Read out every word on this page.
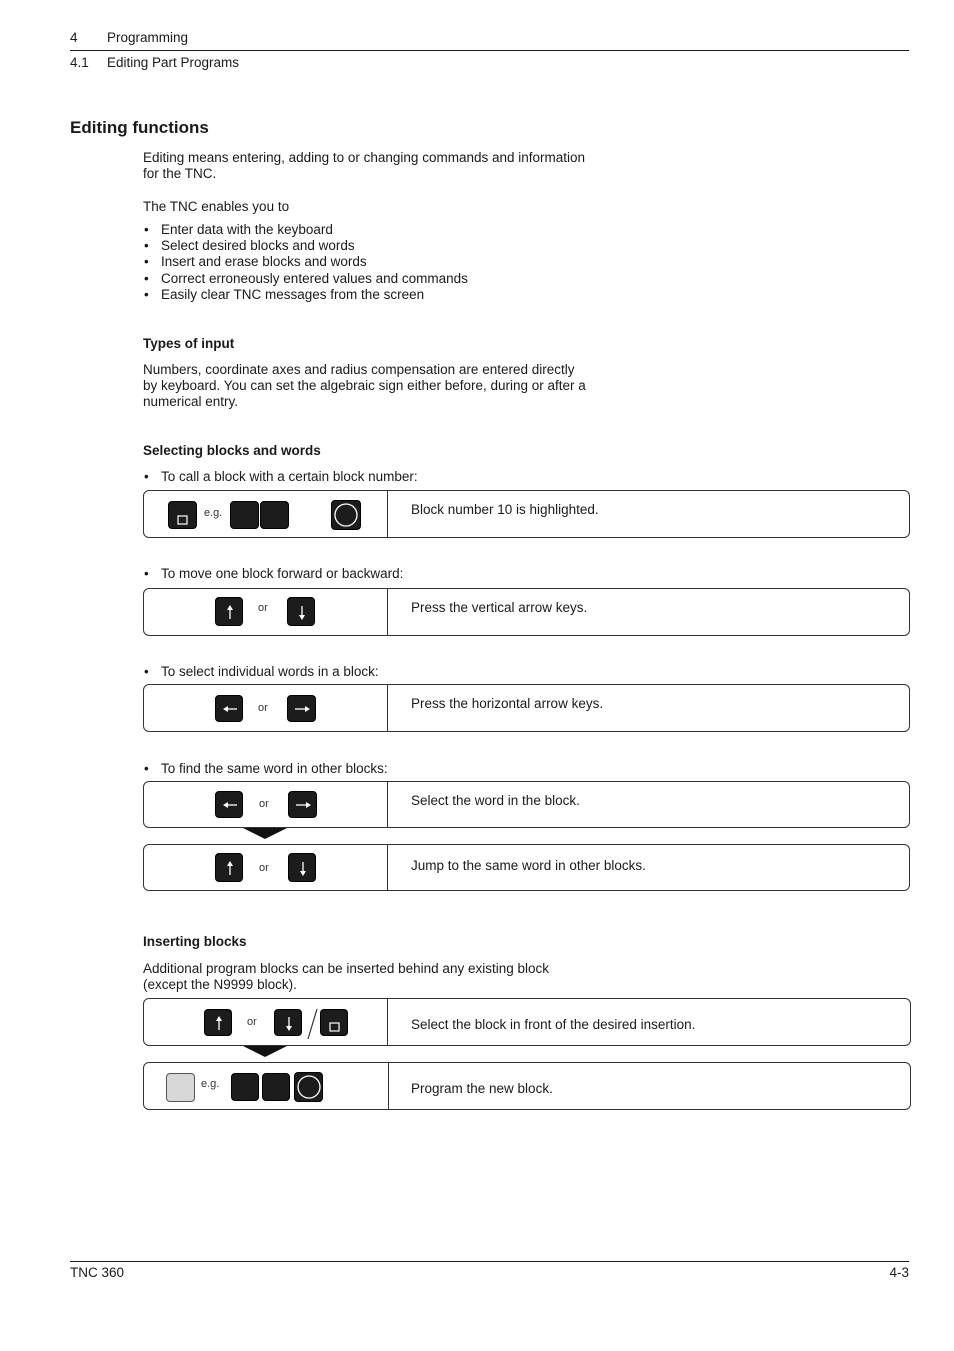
4 Programming
4.1 Editing Part Programs
Editing functions
Editing means entering, adding to or changing commands and information
for the TNC.
The TNC enables you to
• Enter data with the keyboard
• Select desired blocks and words
• Insert and erase blocks and words
• Correct erroneously entered values and commands
• Easily clear TNC messages from the screen
Types of input
Numbers, coordinate axes and radius compensation are entered directly
by keyboard. You can set the algebraic sign either before, during or after a
numerical entry.
Selecting blocks and words
• To call a block with a certain block number:
e.g.	Block number 10 is highlighted.
• To move one block forward or backward:
or	Press the vertical arrow keys.
• To select individual words in a block:
or	Press the horizontal arrow keys.
• To find the same word in other blocks:
or	Select the word in the block.
or	Jump to the same word in other blocks.
Inserting blocks
Additional program blocks can be inserted behind any existing block
(except the N9999 block).
or	Select the block in front of the desired insertion.
e.g.	Program the new block.
TNC 360	4-3
